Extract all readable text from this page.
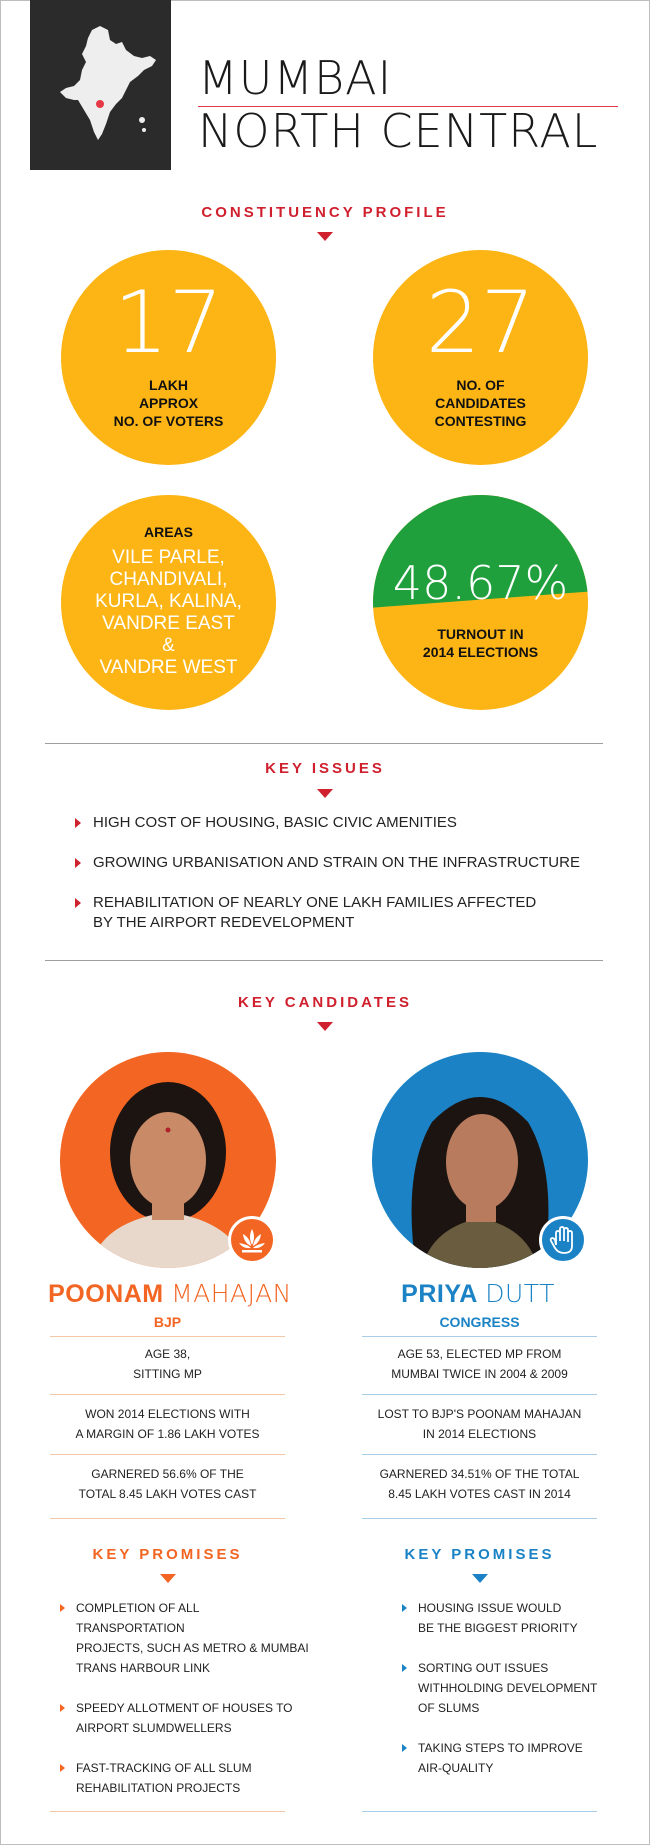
MUMBAI
NORTH CENTRAL
CONSTITUENCY PROFILE
17
LAKH
APPROX
NO. OF VOTERS
27
NO. OF
CANDIDATES
CONTESTING
AREAS
VILE PARLE,
CHANDIVALI,
KURLA, KALINA,
VANDRE EAST
&
VANDRE WEST
48.67%
TURNOUT IN
2014 ELECTIONS
KEY ISSUES
HIGH COST OF HOUSING, BASIC CIVIC AMENITIES
GROWING URBANISATION AND STRAIN ON THE INFRASTRUCTURE
REHABILITATION OF NEARLY ONE LAKH FAMILIES AFFECTED BY THE AIRPORT REDEVELOPMENT
KEY CANDIDATES
POONAM MAHAJAN
BJP
AGE 38,
SITTING MP
WON 2014 ELECTIONS WITH
A MARGIN OF 1.86 LAKH VOTES
GARNERED 56.6% OF THE
TOTAL 8.45 LAKH VOTES CAST
KEY PROMISES
COMPLETION OF ALL TRANSPORTATION
PROJECTS, SUCH AS METRO & MUMBAI
TRANS HARBOUR LINK
SPEEDY ALLOTMENT OF HOUSES TO
AIRPORT SLUMDWELLERS
FAST-TRACKING OF ALL SLUM
REHABILITATION PROJECTS
PRIYA DUTT
CONGRESS
AGE 53, ELECTED MP FROM
MUMBAI TWICE IN 2004 & 2009
LOST TO BJP'S POONAM MAHAJAN
IN 2014 ELECTIONS
GARNERED 34.51% OF THE TOTAL
8.45 LAKH VOTES CAST IN 2014
KEY PROMISES
HOUSING ISSUE WOULD
BE THE BIGGEST PRIORITY
SORTING OUT ISSUES
WITHHOLDING DEVELOPMENT
OF SLUMS
TAKING STEPS TO IMPROVE
AIR-QUALITY
